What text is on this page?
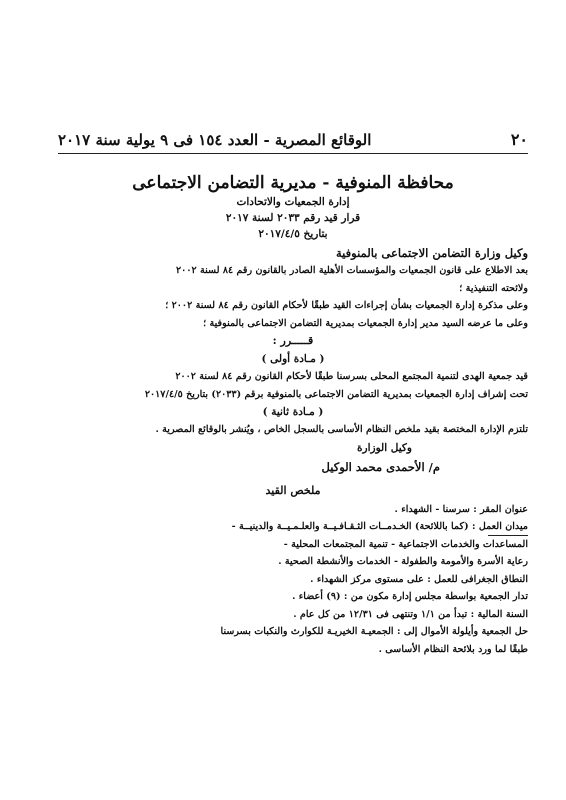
٢٠
الوقائع المصرية - العدد ١٥٤ فى ٩ يولية سنة ٢٠١٧
محافظة المنوفية - مديرية التضامن الاجتماعى
إدارة الجمعيات والاتحادات
قرار قيد رقم ٢٠٣٣ لسنة ٢٠١٧
بتاريخ ٢٠١٧/٤/٥
وكيل وزارة التضامن الاجتماعى بالمنوفية
بعد الاطلاع على قانون الجمعيات والمؤسسات الأهلية الصادر بالقانون رقم ٨٤ لسنة ٢٠٠٢
ولائحته التنفيذية ؛
وعلى مذكرة إدارة الجمعيات بشأن إجراءات القيد طبقًا لأحكام القانون رقم ٨٤ لسنة ٢٠٠٢ ؛
وعلى ما عرضه السيد مدير إدارة الجمعيات بمديرية التضامن الاجتماعى بالمنوفية ؛
قـــــرر :
( مـادة أولى )
قيد جمعية الهدى لتنمية المجتمع المحلى بسرسنا طبقًا لأحكام القانون رقم ٨٤ لسنة ٢٠٠٢
تحت إشراف إدارة الجمعيات بمديرية التضامن الاجتماعى بالمنوفية برقم (٢٠٣٣) بتاريخ ٢٠١٧/٤/٥
( مـادة ثانية )
تلتزم الإدارة المختصة بقيد ملخص النظام الأساسى بالسجل الخاص ، ويُنشر بالوقائع المصرية .
وكيل الوزارة
م/ الأحمدى محمد الوكيل
ملخص القيد
عنوان المقر : سرسنا - الشهداء .
ميدان العمل : (كما باللائحة) الخـدمــات الثـقـافـيــة والعلـمـيــة والدينيــة -
المساعدات والخدمات الاجتماعية - تنمية المجتمعات المحلية -
رعاية الأسرة والأمومة والطفولة - الخدمات والأنشطة الصحية .
النطاق الجغرافى للعمل : على مستوى مركز الشهداء .
تدار الجمعية بواسطة مجلس إدارة مكون من : (٩) أعضاء .
السنة المالية : تبدأ من ١/١ وتنتهى فى ١٢/٣١ من كل عام .
حل الجمعية وأيلولة الأموال إلى : الجمعيـة الخيريـة للكوارث والنكبات بسرسنا
طبقًا لما ورد بلائحة النظام الأساسى .
